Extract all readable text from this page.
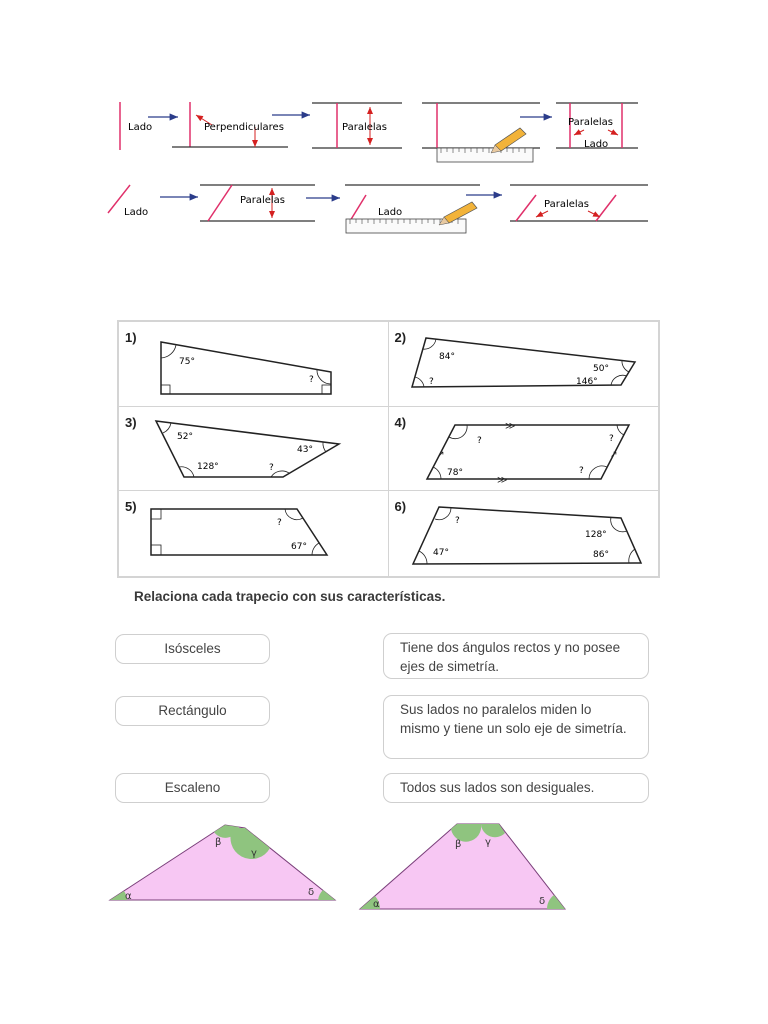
Lado	Perpendiculares	Paralelas	Paralelas
Lado
Lado
Paralelas
Lado
Paralelas
1)
75°
?
2)
84°
50°
146°
?
3)
52°
43°
128°	?
4)	≫
≫
↗	↗
?	?
78°	?
5)
?
67°
6)
?
128°
47°	86°
Relaciona cada trapecio con sus características.
Isósceles
Rectángulo
Escaleno
Tiene dos ángulos rectos y no posee ejes de simetría.
Sus lados no paralelos miden lo mismo y tiene un solo eje de simetría.
Todos sus lados son desiguales.
α
β
γ
δ
α
β γ
δ
